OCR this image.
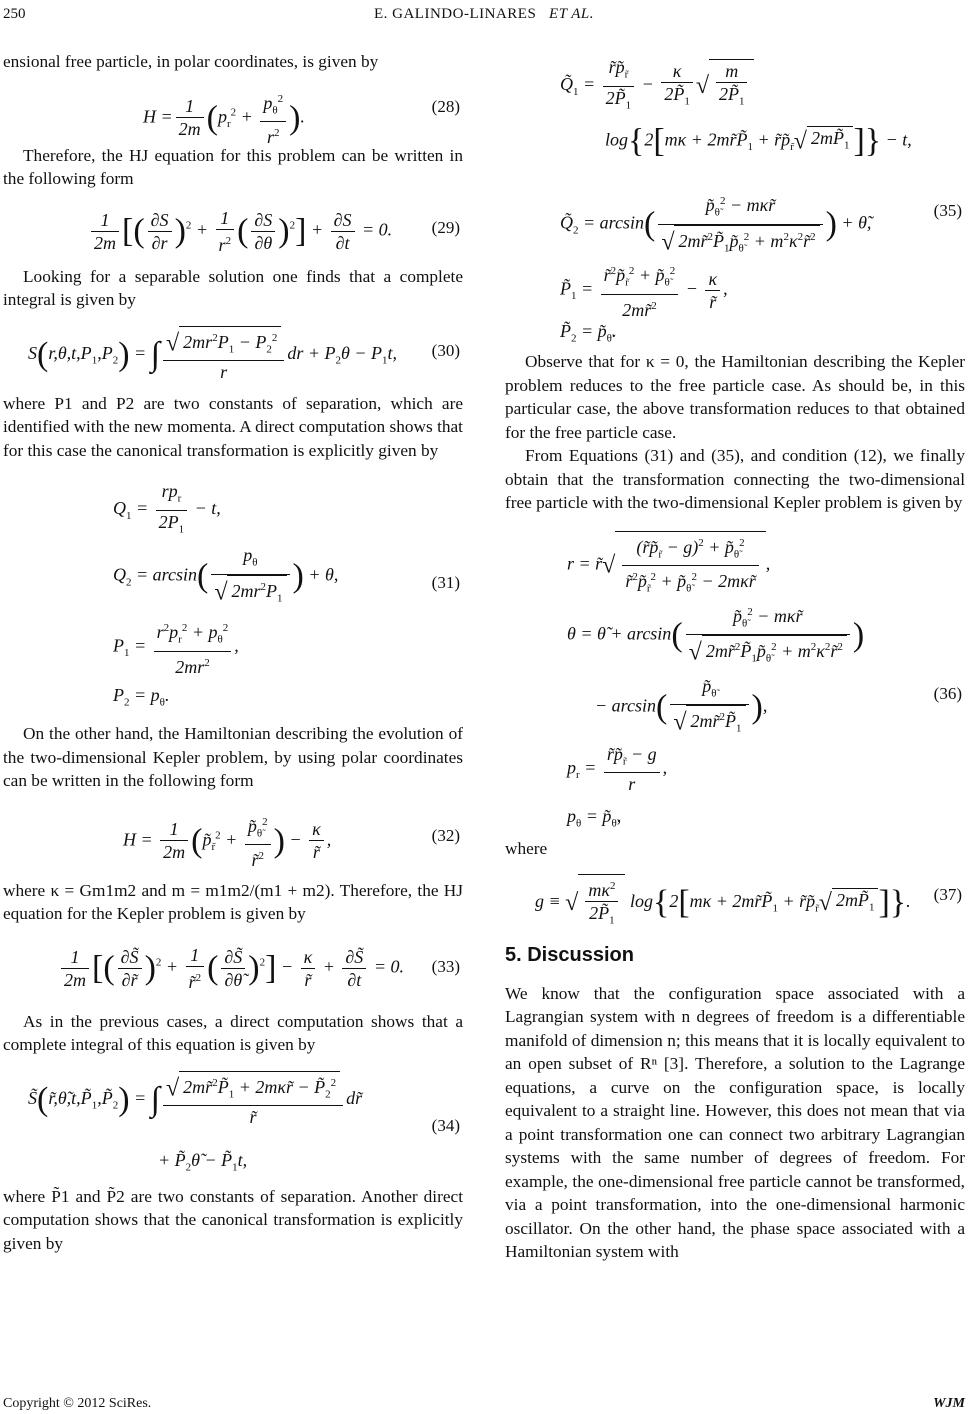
250	E. GALINDO-LINARES ET AL.

ensional free particle, in polar coordinates, is given by

$H = \frac{1}{2m} (p_r^2 + \frac{p_\theta^2}{r^2}$ ).	(28)

Therefore, the HJ equation for this problem can be written in the following form

$\frac{1}{2m}$ [( $\frac{\partial S}{\partial r} )^2 + \frac{1}{r^2}$ ( $\frac{\partial S}{\partial\theta} )^2] + \frac{\partial S}{\partial t} = 0$. (29)

Looking for a separable solution one finds that a complete integral is given by

$S(r,\theta,t,P_1,P_2)$ = ∫ $\frac{√ 2mr^2P_1 - P_2^2}{r}$ dr + $P_2\theta - P_1t$, (30)

where P1 and P2 are two constants of separation, which are identified with the new momenta. A direct computation shows that for this case the canonical transformation is explicitly given by

$Q_1 = \frac{rp_r}{2P_1} - t$,
$Q_2 = \arcsin( \frac{p_\theta}{√ 2mr^2P_1}$ ) + θ,
$P_1 = \frac{r^2p_r^2 + p_\theta^2}{2mr^2}$ ,
$P_2 = p_\theta$.
(31)

On the other hand, the Hamiltonian describing the evolution of the two-dimensional Kepler problem, by using polar coordinates can be written in the following form

$H = \frac{1}{2m}$ ($p̃_{r̃}^2 + \frac{p̃_{\thetã}^2}{r̃^2}$ ) − $\frac{\kappa}{r̃}$ ,	(32)

where κ = Gm1m2 and m = m1m2/(m1 + m2). Therefore, the HJ equation for the Kepler problem is given by

$\frac{1}{2m}$ [( $\frac{\partial S̃}{\partial r̃} )^2 + \frac{1}{r̃^2}$ ( $\frac{\partial S̃}{\partial\thetã} )^2] - \frac{\kappa}{r̃} + \frac{\partial S̃}{\partial t} = 0$. (33)

As in the previous cases, a direct computation shows that a complete integral of this equation is given by

$S̃(r̃,\thetã,t,P̃_1,P̃_2)$ = ∫ $\frac{√ 2mr̃^2P̃_1 + 2m\kappa r̃ - P̃_2^2}{r̃}$ dr̃
+ $P̃_2\thetã$ − $P̃_1t$,
(34)

where P̃1 and P̃2 are two constants of separation. Another direct computation shows that the canonical transformation is explicitly given by

$Q̃_1 = \frac{r̃p̃_{r̃}}{2P̃_1} - \frac{\kappa}{2P̃_1}$ √ $\frac{m}{2P̃_1}$
$\log\{2[m\kappa + 2mr̃P̃_1$ + $r̃p̃_{r̃}√$ $2mP̃_1$ ]} − t,
$Q̃_2 = \arcsin( \frac{p̃_{\thetã}^2 - m\kappa r̃}{√ 2mr̃^2P̃_1p̃_{\thetã}^2 + m^2\kappa^2r̃^2}$ ) + θ̃,
$P̃_1 = \frac{r̃^2p̃_{r̃}^2 + p̃_{\thetã}^2}{2mr̃^2} - \frac{\kappa}{r̃}$ ,
$P̃_2$ = $p̃_{\thetã}$.
(35)

Observe that for κ = 0, the Hamiltonian describing the Kepler problem reduces to the free particle case. As should be, in this particular case, the above transformation reduces to that obtained for the free particle case.

From Equations (31) and (35), and condition (12), we finally obtain that the transformation connecting the two-dimensional free particle with the two-dimensional Kepler problem is given by

r = r̃√ $\frac{(r̃p̃_{r̃} - g)^2 + p̃_{\thetã}^2}{r̃^2p̃_{r̃}^2 + p̃_{\thetã}^2 - 2m\kappa r̃}$ ,
θ = θ̃ + $\arcsin( \frac{p̃_{\thetã}^2 - m\kappa r̃}{√ 2mr̃^2P̃_1p̃_{\thetã}^2 + m^2\kappa^2r̃^2}$ )
− $\arcsin( \frac{p̃_{\thetã}}{√ 2mr̃^2P̃_1}$ ),
$p_r = \frac{r̃p̃_{r̃} - g}{r}$ ,
$p_\theta$ = $p̃_{\thetã}$,
(36)

where

g ≡ √ $\frac{m\kappa^2}{2P̃_1} \log\{2[m\kappa$ + $2mr̃P̃_1$ + $r̃p̃_{r̃}√$ $2mP̃_1$ ]}. (37)
5. Discussion

We know that the configuration space associated with a Lagrangian system with n degrees of freedom is a differentiable manifold of dimension n; this means that it is locally equivalent to an open subset of Rⁿ [3]. Therefore, a solution to the Lagrange equations, a curve on the configuration space, is locally equivalent to a straight line. However, this does not mean that via a point transformation one can connect two arbitrary Lagrangian systems with the same number of degrees of freedom. For example, the one-dimensional free particle cannot be transformed, via a point transformation, into the one-dimensional harmonic oscillator. On the other hand, the phase space associated with a Hamiltonian system with

Copyright © 2012 SciRes.	WJM
